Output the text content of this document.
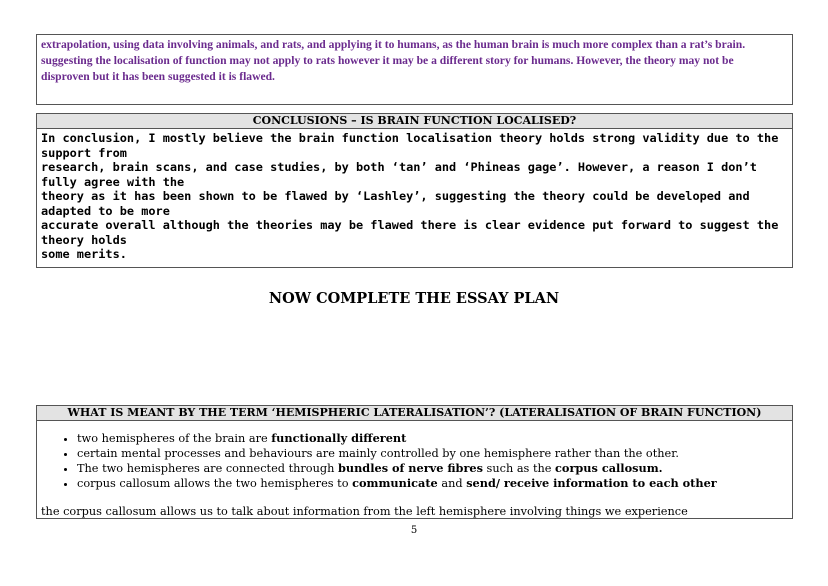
extrapolation, using data involving animals, and rats, and applying it to humans, as the human brain is much more complex than a rat’s brain.
suggesting the localisation of function may not apply to rats however it may be a different story for humans. However, the theory may not be
disproven but it has been suggested it is flawed.
CONCLUSIONS – IS BRAIN FUNCTION LOCALISED?
In conclusion, I mostly believe the brain function localisation theory holds strong validity due to the support from
research, brain scans, and case studies, by both ‘tan’ and ‘Phineas gage’. However, a reason I don’t fully agree with the
theory as it has been shown to be flawed by ‘Lashley’, suggesting the theory could be developed and adapted to be more
accurate overall although the theories may be flawed there is clear evidence put forward to suggest the theory holds
some merits.
NOW COMPLETE THE ESSAY PLAN
WHAT IS MEANT BY THE TERM ‘HEMISPHERIC LATERALISATION’? (LATERALISATION OF BRAIN FUNCTION)
• two hemispheres of the brain are functionally different
• certain mental processes and behaviours are mainly controlled by one hemisphere rather than the other.
• The two hemispheres are connected through bundles of nerve fibres such as the corpus callosum.
• corpus callosum allows the two hemispheres to communicate and send/ receive information to each other
the corpus callosum allows us to talk about information from the left hemisphere involving things we experience
5
